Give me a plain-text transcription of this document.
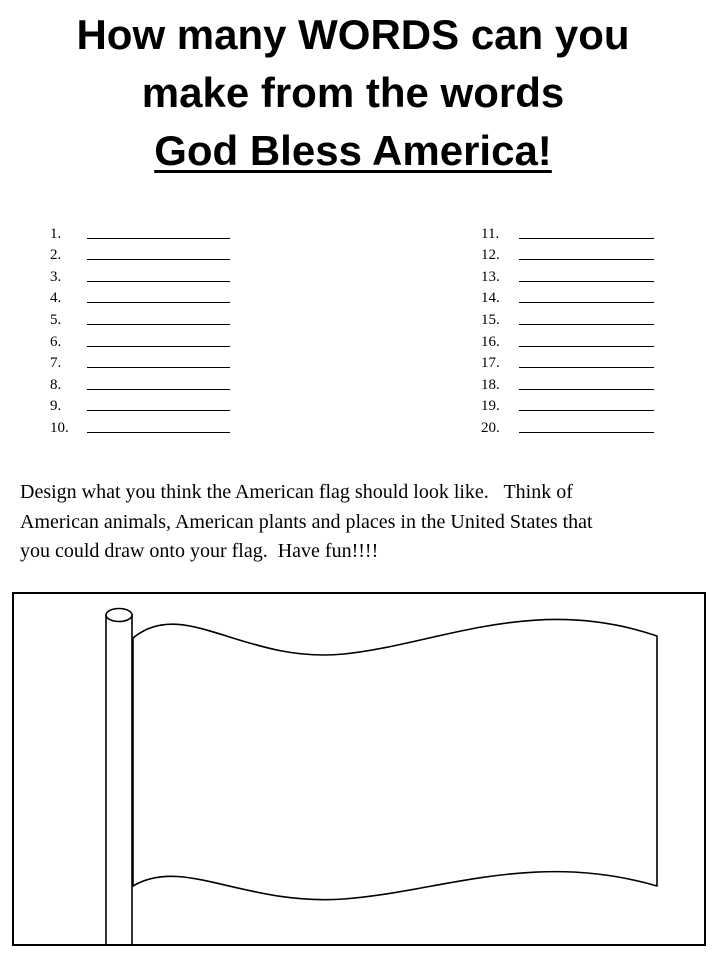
How many WORDS can you
make from the words
God Bless America!
1.
2.
3.
4.
5.
6.
7.
8.
9.
10.
11.
12.
13.
14.
15.
16.
17.
18.
19.
20.

Design what you think the American flag should look like.   Think of
American animals, American plants and places in the United States that
you could draw onto your flag.  Have fun!!!!
